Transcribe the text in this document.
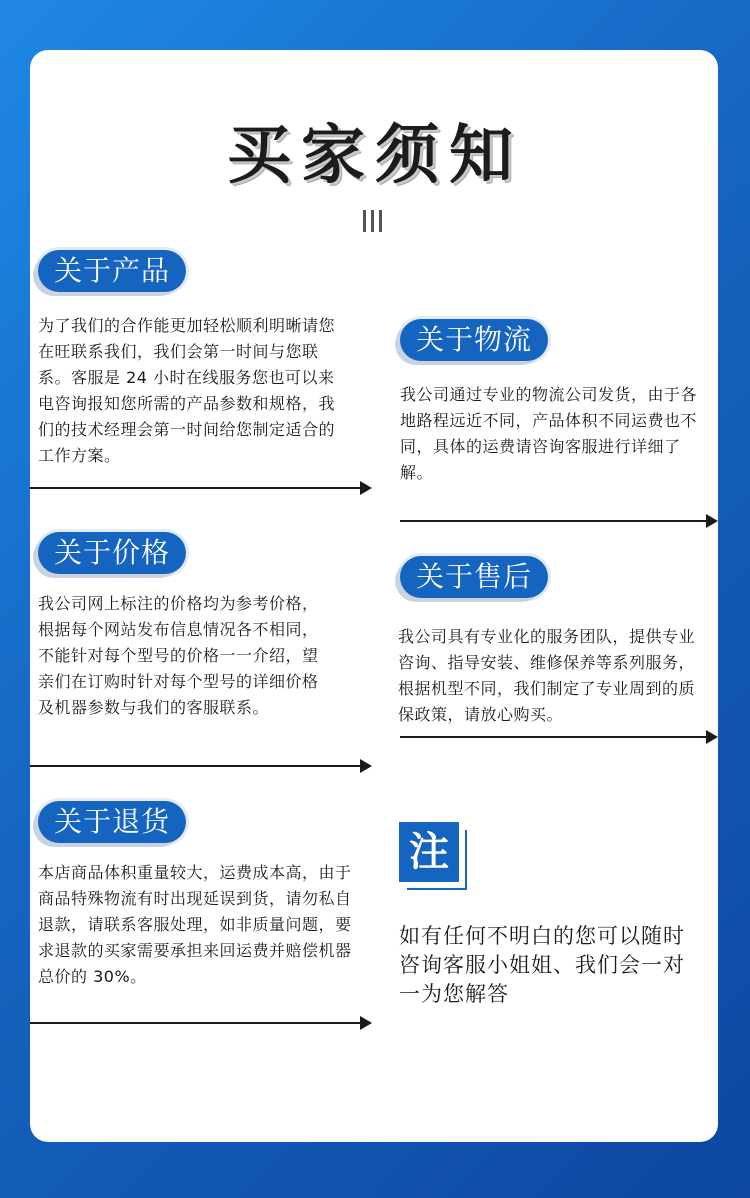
买家须知
关于产品
为了我们的合作能更加轻松顺利明晰请您在旺联系我们，我们会第一时间与您联系。客服是 24 小时在线服务您也可以来电咨询报知您所需的产品参数和规格，我们的技术经理会第一时间给您制定适合的工作方案。
关于物流
我公司通过专业的物流公司发货，由于各地路程远近不同，产品体积不同运费也不同，具体的运费请咨询客服进行详细了解。
关于价格
我公司网上标注的价格均为参考价格，根据每个网站发布信息情况各不相同，不能针对每个型号的价格一一介绍，望亲们在订购时针对每个型号的详细价格及机器参数与我们的客服联系。
关于售后
我公司具有专业化的服务团队，提供专业咨询、指导安装、维修保养等系列服务，根据机型不同，我们制定了专业周到的质保政策，请放心购买。
关于退货
本店商品体积重量较大，运费成本高，由于商品特殊物流有时出现延误到货，请勿私自退款，请联系客服处理，如非质量问题，要求退款的买家需要承担来回运费并赔偿机器总价的 30%。
注
如有任何不明白的您可以随时咨询客服小姐姐、我们会一对一为您解答
